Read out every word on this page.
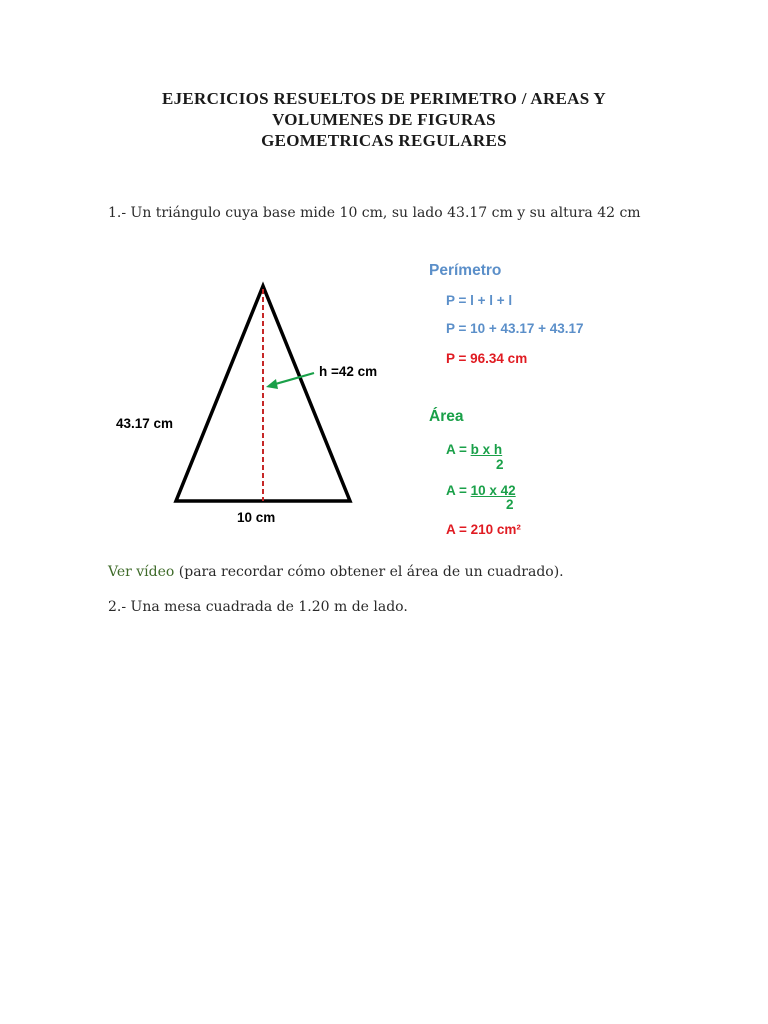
EJERCICIOS RESUELTOS DE PERIMETRO / AREAS Y
VOLUMENES DE FIGURAS
GEOMETRICAS REGULARES
1.- Un triángulo cuya base mide 10 cm, su lado 43.17 cm y su altura 42 cm
h =42 cm
43.17 cm
10 cm
Perímetro
P = l + l + l
P = 10 + 43.17 + 43.17
P = 96.34 cm
Área
A = b x h
2
A = 10 x 42
2
A = 210 cm²
Ver vídeo (para recordar cómo obtener el área de un cuadrado).
2.- Una mesa cuadrada de 1.20 m de lado.
